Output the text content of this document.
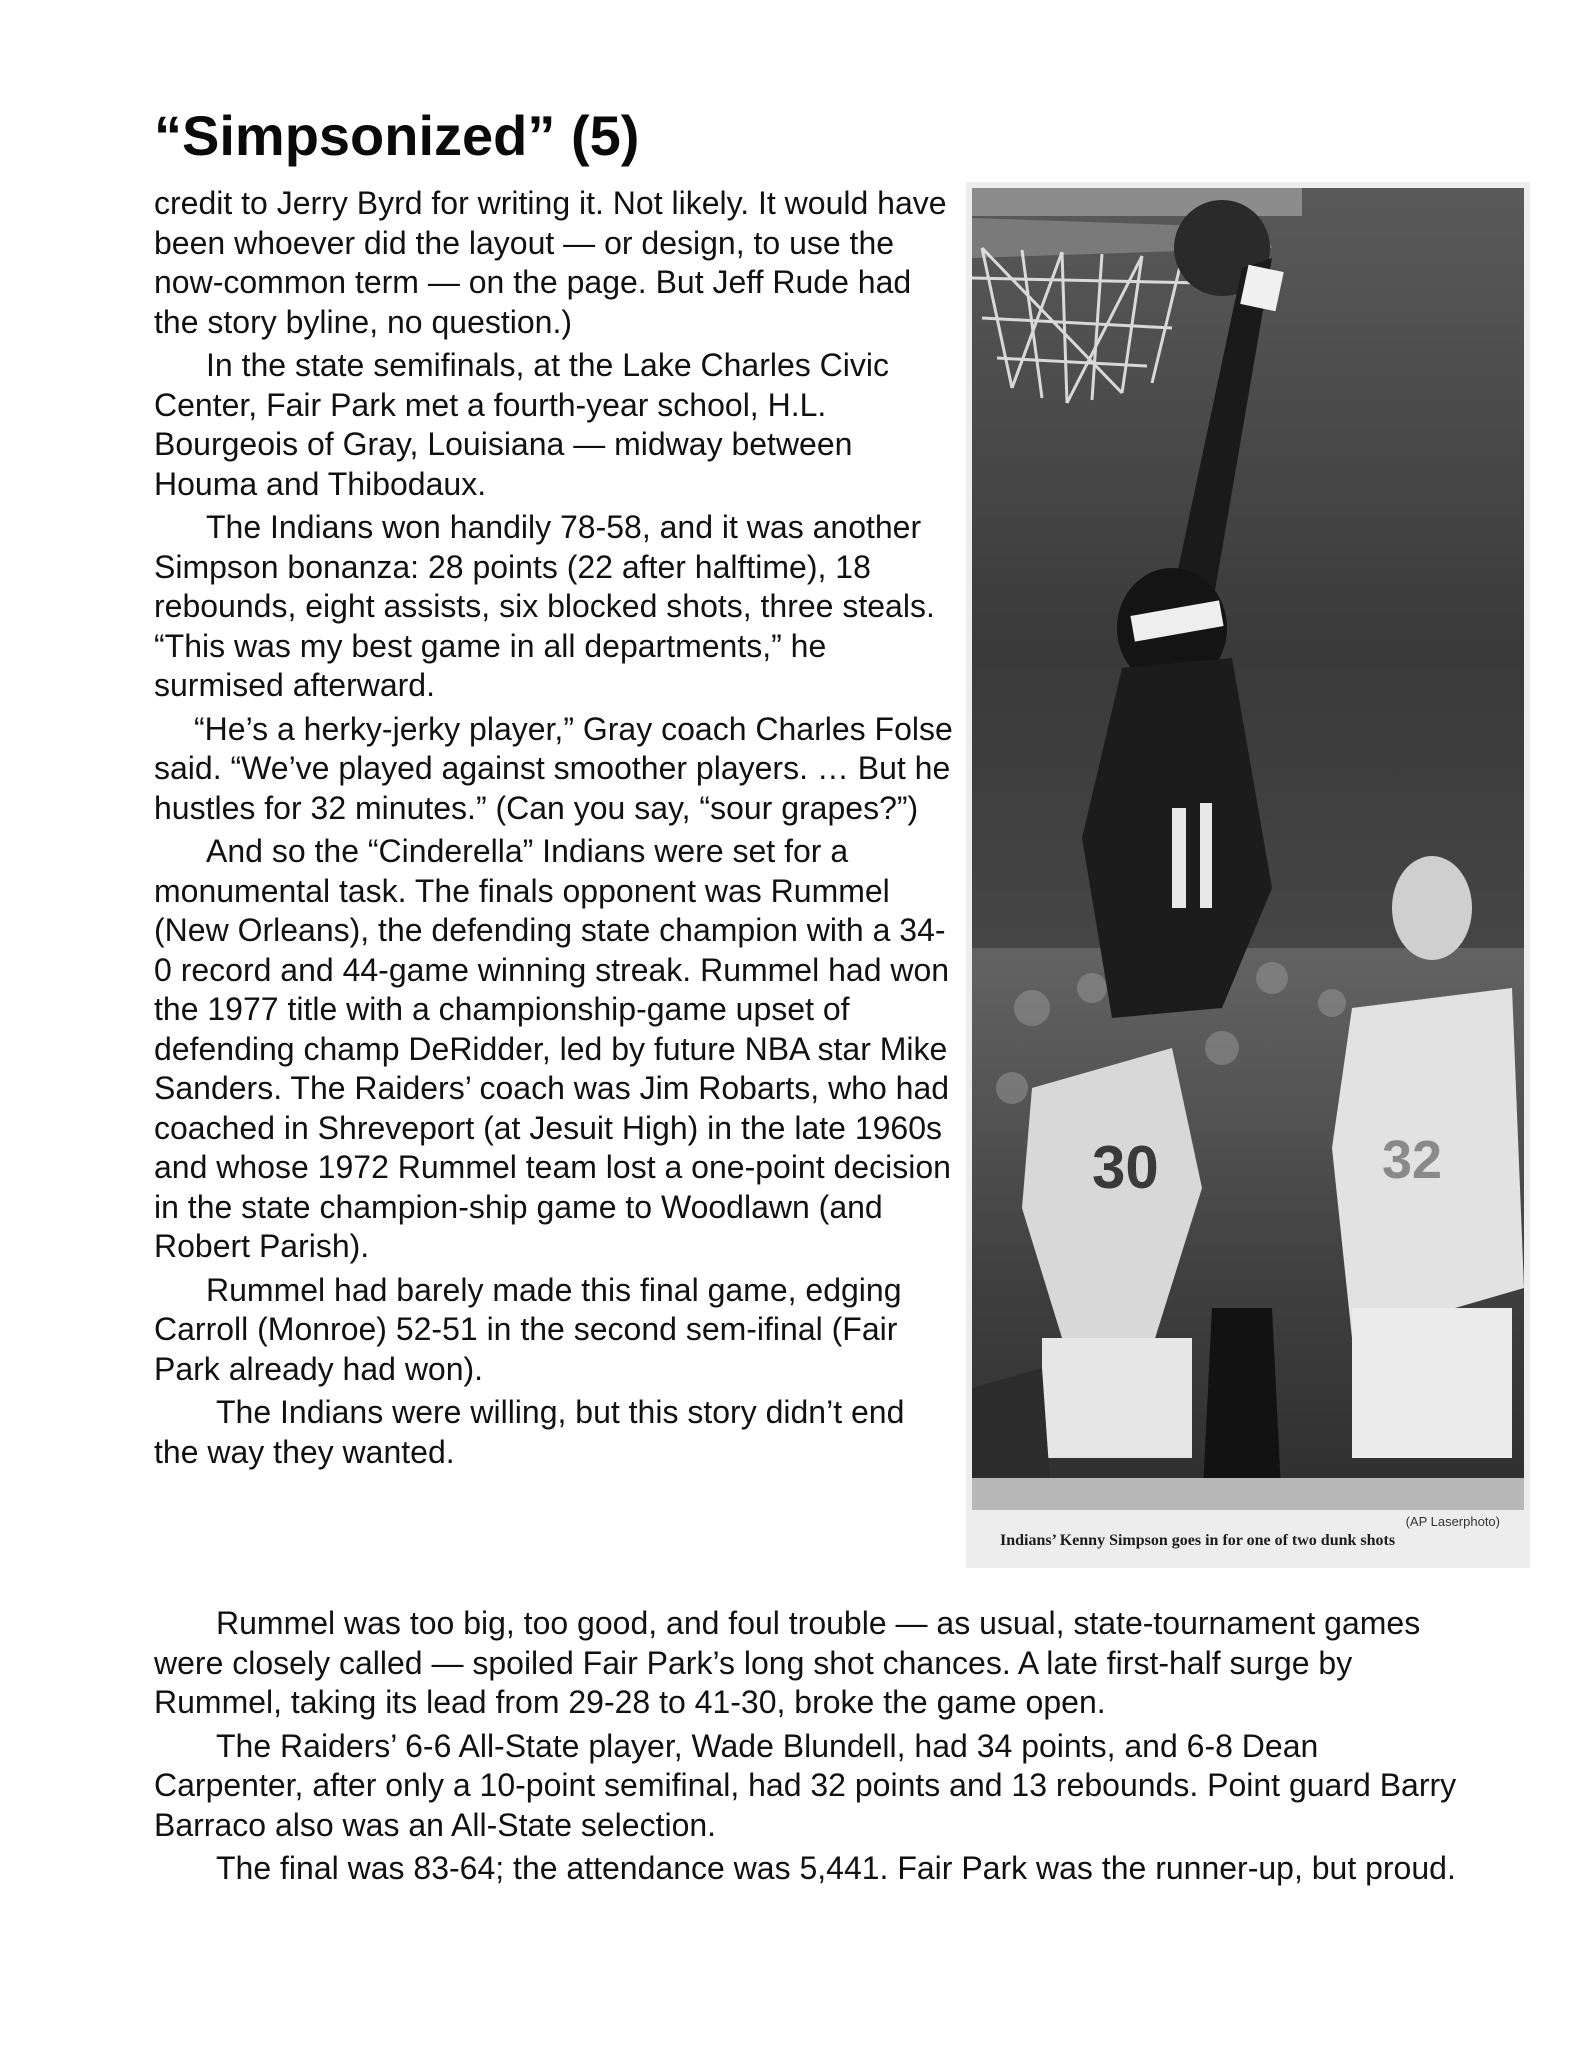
“Simpsonized” (5)

credit to Jerry Byrd for writing it. Not likely. It would have been whoever did the layout — or design, to use the now-common term — on the page. But Jeff Rude had the story byline, no question.)

In the state semifinals, at the Lake Charles Civic Center, Fair Park met a fourth-year school, H.L. Bourgeois of Gray, Louisiana — midway between Houma and Thibodaux.

The Indians won handily 78-58, and it was another Simpson bonanza: 28 points (22 after halftime), 18 rebounds, eight assists, six blocked shots, three steals. “This was my best game in all departments,” he surmised afterward.

“He’s a herky-jerky player,” Gray coach Charles Folse said. “We’ve played against smoother players. … But he hustles for 32 minutes.” (Can you say, “sour grapes?”)

And so the “Cinderella” Indians were set for a monumental task. The finals opponent was Rummel (New Orleans), the defending state champion with a 34-0 record and 44-game winning streak. Rummel had won the 1977 title with a championship-game upset of defending champ DeRidder, led by future NBA star Mike Sanders. The Raiders’ coach was Jim Robarts, who had coached in Shreveport (at Jesuit High) in the late 1960s and whose 1972 Rummel team lost a one-point decision in the state champion-ship game to Woodlawn (and Robert Parish).

Rummel had barely made this final game, edging Carroll (Monroe) 52-51 in the second sem-ifinal (Fair Park already had won).

The Indians were willing, but this story didn’t end the way they wanted.

Rummel was too big, too good, and foul trouble — as usual, state-tournament games were closely called — spoiled Fair Park’s long shot chances. A late first-half surge by Rummel, taking its lead from 29-28 to 41-30, broke the game open.

The Raiders’ 6-6 All-State player, Wade Blundell, had 34 points, and 6-8 Dean Carpenter, after only a 10-point semifinal, had 32 points and 13 rebounds. Point guard Barry Barraco also was an All-State selection.

The final was 83-64; the attendance was 5,441. Fair Park was the runner-up, but proud.

30	32
(AP Laserphoto)
Indians’ Kenny Simpson goes in for one of two dunk shots
